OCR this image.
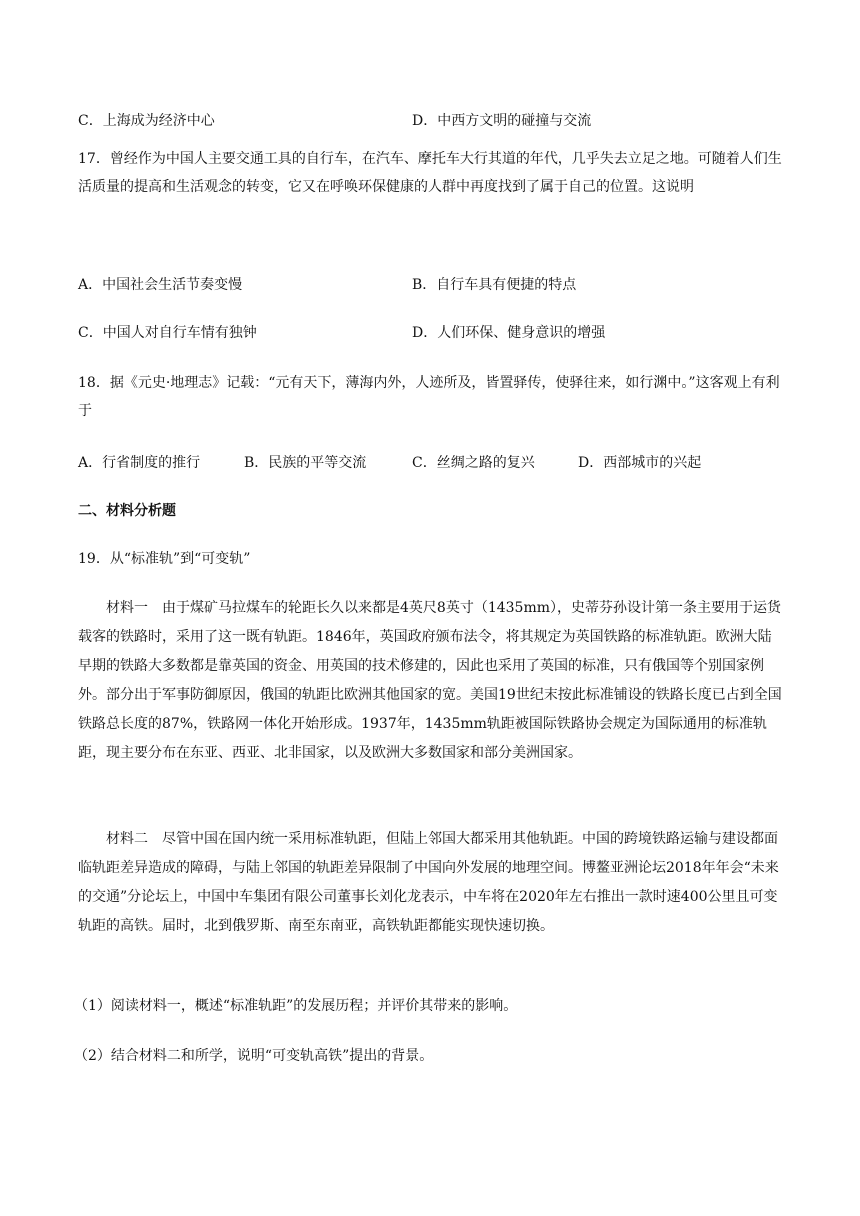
C．上海成为经济中心	D．中西方文明的碰撞与交流
17．曾经作为中国人主要交通工具的自行车，在汽车、摩托车大行其道的年代，几乎失去立足之地。可随着人们生活质量的提高和生活观念的转变，它又在呼唤环保健康的人群中再度找到了属于自己的位置。这说明
A．中国社会生活节奏变慢	B．自行车具有便捷的特点
C．中国人对自行车情有独钟	D．人们环保、健身意识的增强
18．据《元史·地理志》记载：“元有天下，薄海内外，人迹所及，皆置驿传，使驿往来，如行渊中。”这客观上有利于
A．行省制度的推行	B．民族的平等交流	C．丝绸之路的复兴	D．西部城市的兴起
二、材料分析题
19．从“标准轨”到“可变轨”
材料一　由于煤矿马拉煤车的轮距长久以来都是4英尺8英寸（1435mm），史蒂芬孙设计第一条主要用于运货载客的铁路时，采用了这一既有轨距。1846年，英国政府颁布法令，将其规定为英国铁路的标准轨距。欧洲大陆早期的铁路大多数都是靠英国的资金、用英国的技术修建的，因此也采用了英国的标准，只有俄国等个别国家例外。部分出于军事防御原因，俄国的轨距比欧洲其他国家的宽。美国19世纪末按此标准铺设的铁路长度已占到全国铁路总长度的87%，铁路网一体化开始形成。1937年，1435mm轨距被国际铁路协会规定为国际通用的标准轨距，现主要分布在东亚、西亚、北非国家，以及欧洲大多数国家和部分美洲国家。
材料二　尽管中国在国内统一采用标准轨距，但陆上邻国大都采用其他轨距。中国的跨境铁路运输与建设都面临轨距差异造成的障碍，与陆上邻国的轨距差异限制了中国向外发展的地理空间。博鳌亚洲论坛2018年年会“未来的交通”分论坛上，中国中车集团有限公司董事长刘化龙表示，中车将在2020年左右推出一款时速400公里且可变轨距的高铁。届时，北到俄罗斯、南至东南亚，高铁轨距都能实现快速切换。
（1）阅读材料一，概述“标准轨距”的发展历程；并评价其带来的影响。
（2）结合材料二和所学，说明“可变轨高铁”提出的背景。
